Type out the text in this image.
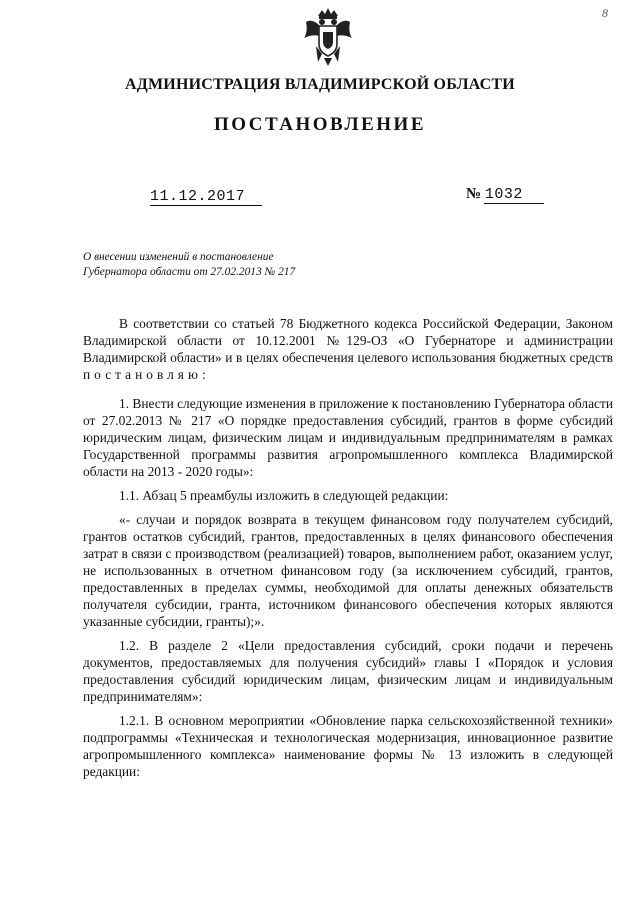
8
АДМИНИСТРАЦИЯ ВЛАДИМИРСКОЙ ОБЛАСТИ
ПОСТАНОВЛЕНИЕ
11.12.2017	№ 1032
О внесении изменений в постановление
Губернатора области от 27.02.2013 № 217

В соответствии со статьей 78 Бюджетного кодекса Российской Федерации, Законом Владимирской области от 10.12.2001 №129-ОЗ «О Губернаторе и администрации Владимирской области» и в целях обеспечения целевого использования бюджетных средств постановляю:

1. Внести следующие изменения в приложение к постановлению Губернатора области от 27.02.2013 № 217 «О порядке предоставления субсидий, грантов в форме субсидий юридическим лицам, физическим лицам и индивидуальным предпринимателям в рамках Государственной программы развития агропромышленного комплекса Владимирской области на 2013 - 2020 годы»:

1.1. Абзац 5 преамбулы изложить в следующей редакции:

«- случаи и порядок возврата в текущем финансовом году получателем субсидий, грантов остатков субсидий, грантов, предоставленных в целях финансового обеспечения затрат в связи с производством (реализацией) товаров, выполнением работ, оказанием услуг, не использованных в отчетном финансовом году (за исключением субсидий, грантов, предоставленных в пределах суммы, необходимой для оплаты денежных обязательств получателя субсидии, гранта, источником финансового обеспечения которых являются указанные субсидии, гранты);».

1.2. В разделе 2 «Цели предоставления субсидий, сроки подачи и перечень документов, предоставляемых для получения субсидий» главы I «Порядок и условия предоставления субсидий юридическим лицам, физическим лицам и индивидуальным предпринимателям»:

1.2.1. В основном мероприятии «Обновление парка сельскохозяйственной техники» подпрограммы «Техническая и технологическая модернизация, инновационное развитие агропромышленного комплекса» наименование формы № 13 изложить в следующей редакции:
